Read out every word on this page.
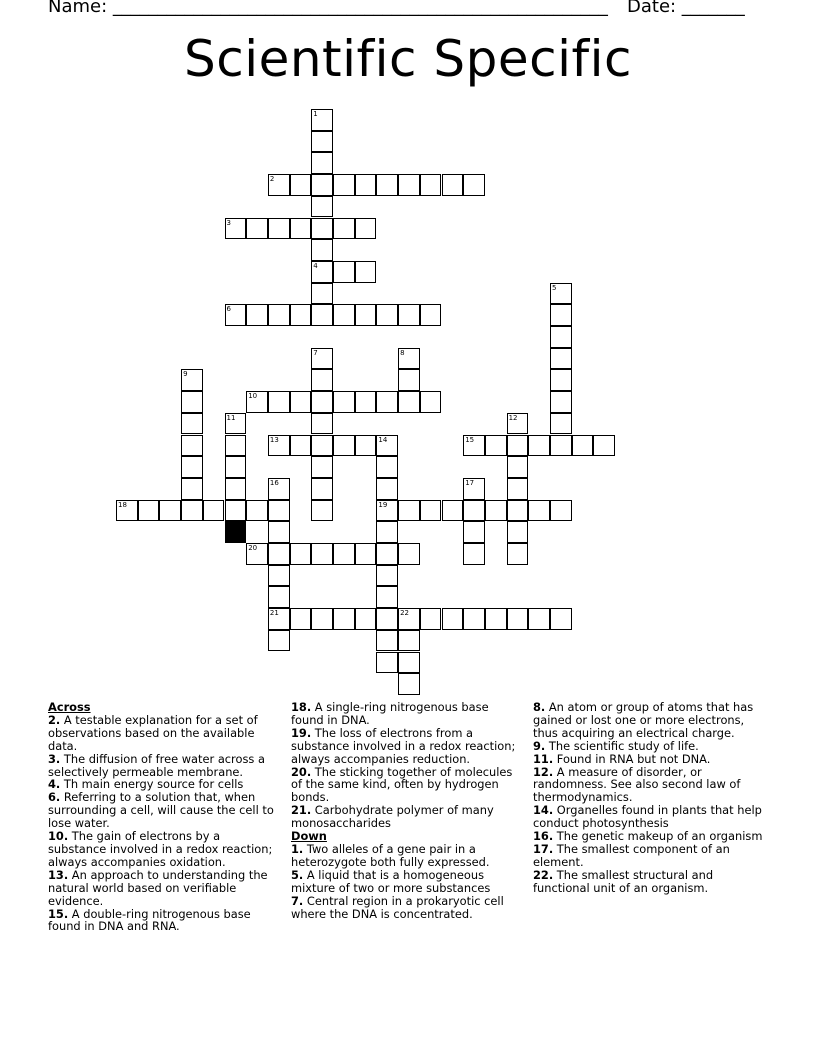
Name: _______________________________________________________ Date: _______
Scientific Specific
1
4
2
3
5
6
7	8
9
10
11	12
13	14
19
15
16
21
17
18
20
22
Across
2. A testable explanation for a set of observations based on the available data.
3. The diffusion of free water across a selectively permeable membrane.
4. Th main energy source for cells
6. Referring to a solution that, when surrounding a cell, will cause the cell to lose water.
10. The gain of electrons by a substance involved in a redox reaction; always accompanies oxidation.
13. An approach to understanding the natural world based on verifiable evidence.
15. A double-ring nitrogenous base found in DNA and RNA.
18. A single-ring nitrogenous base found in DNA.
19. The loss of electrons from a substance involved in a redox reaction; always accompanies reduction.
20. The sticking together of molecules of the same kind, often by hydrogen bonds.
21. Carbohydrate polymer of many monosaccharides
Down
1. Two alleles of a gene pair in a heterozygote both fully expressed.
5. A liquid that is a homogeneous mixture of two or more substances
7. Central region in a prokaryotic cell where the DNA is concentrated.
8. An atom or group of atoms that has gained or lost one or more electrons, thus acquiring an electrical charge.
9. The scientific study of life.
11. Found in RNA but not DNA.
12. A measure of disorder, or randomness. See also second law of thermodynamics.
14. Organelles found in plants that help conduct photosynthesis
16. The genetic makeup of an organism
17. The smallest component of an element.
22. The smallest structural and functional unit of an organism.
